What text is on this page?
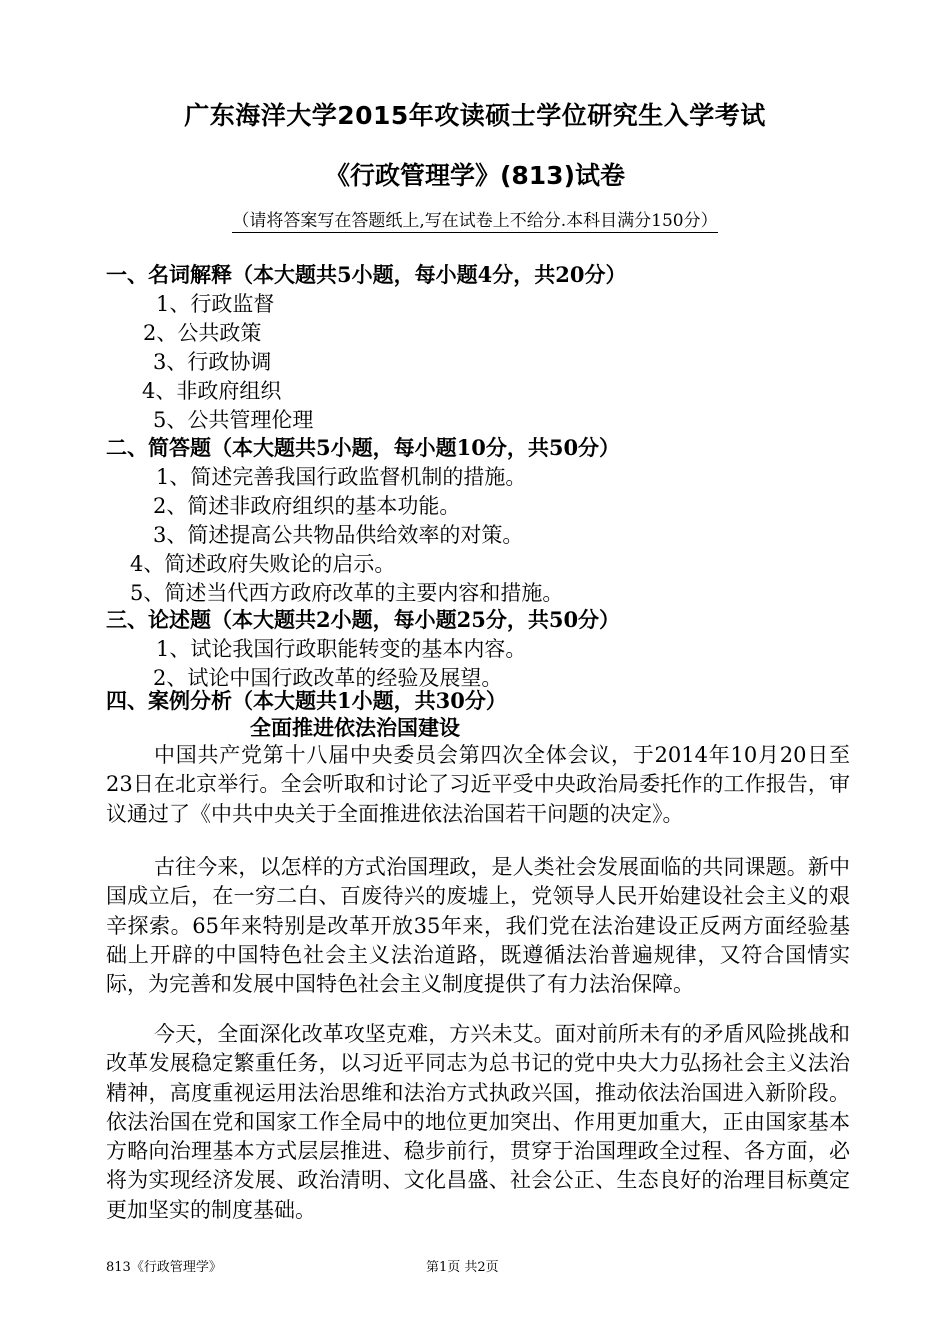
广东海洋大学2015年攻读硕士学位研究生入学考试
《行政管理学》(813)试卷
（请将答案写在答题纸上,写在试卷上不给分.本科目满分150分）
一、名词解释（本大题共5小题，每小题4分，共20分）
1、行政监督
2、公共政策
3、行政协调
4、非政府组织
5、公共管理伦理
二、简答题（本大题共5小题，每小题10分，共50分）
1、简述完善我国行政监督机制的措施。
2、简述非政府组织的基本功能。
3、简述提高公共物品供给效率的对策。
4、简述政府失败论的启示。
5、简述当代西方政府改革的主要内容和措施。
三、论述题（本大题共2小题，每小题25分，共50分）
1、试论我国行政职能转变的基本内容。
2、试论中国行政改革的经验及展望。
四、案例分析（本大题共1小题，共30分）
全面推进依法治国建设
中国共产党第十八届中央委员会第四次全体会议，于2014年10月20日至23日在北京举行。全会听取和讨论了习近平受中央政治局委托作的工作报告，审议通过了《中共中央关于全面推进依法治国若干问题的决定》。
古往今来，以怎样的方式治国理政，是人类社会发展面临的共同课题。新中国成立后，在一穷二白、百废待兴的废墟上，党领导人民开始建设社会主义的艰辛探索。65年来特别是改革开放35年来，我们党在法治建设正反两方面经验基础上开辟的中国特色社会主义法治道路，既遵循法治普遍规律，又符合国情实际，为完善和发展中国特色社会主义制度提供了有力法治保障。
今天，全面深化改革攻坚克难，方兴未艾。面对前所未有的矛盾风险挑战和改革发展稳定繁重任务，以习近平同志为总书记的党中央大力弘扬社会主义法治精神，高度重视运用法治思维和法治方式执政兴国，推动依法治国进入新阶段。依法治国在党和国家工作全局中的地位更加突出、作用更加重大，正由国家基本方略向治理基本方式层层推进、稳步前行，贯穿于治国理政全过程、各方面，必将为实现经济发展、政治清明、文化昌盛、社会公正、生态良好的治理目标奠定更加坚实的制度基础。
813《行政管理学》	第1页 共2页
